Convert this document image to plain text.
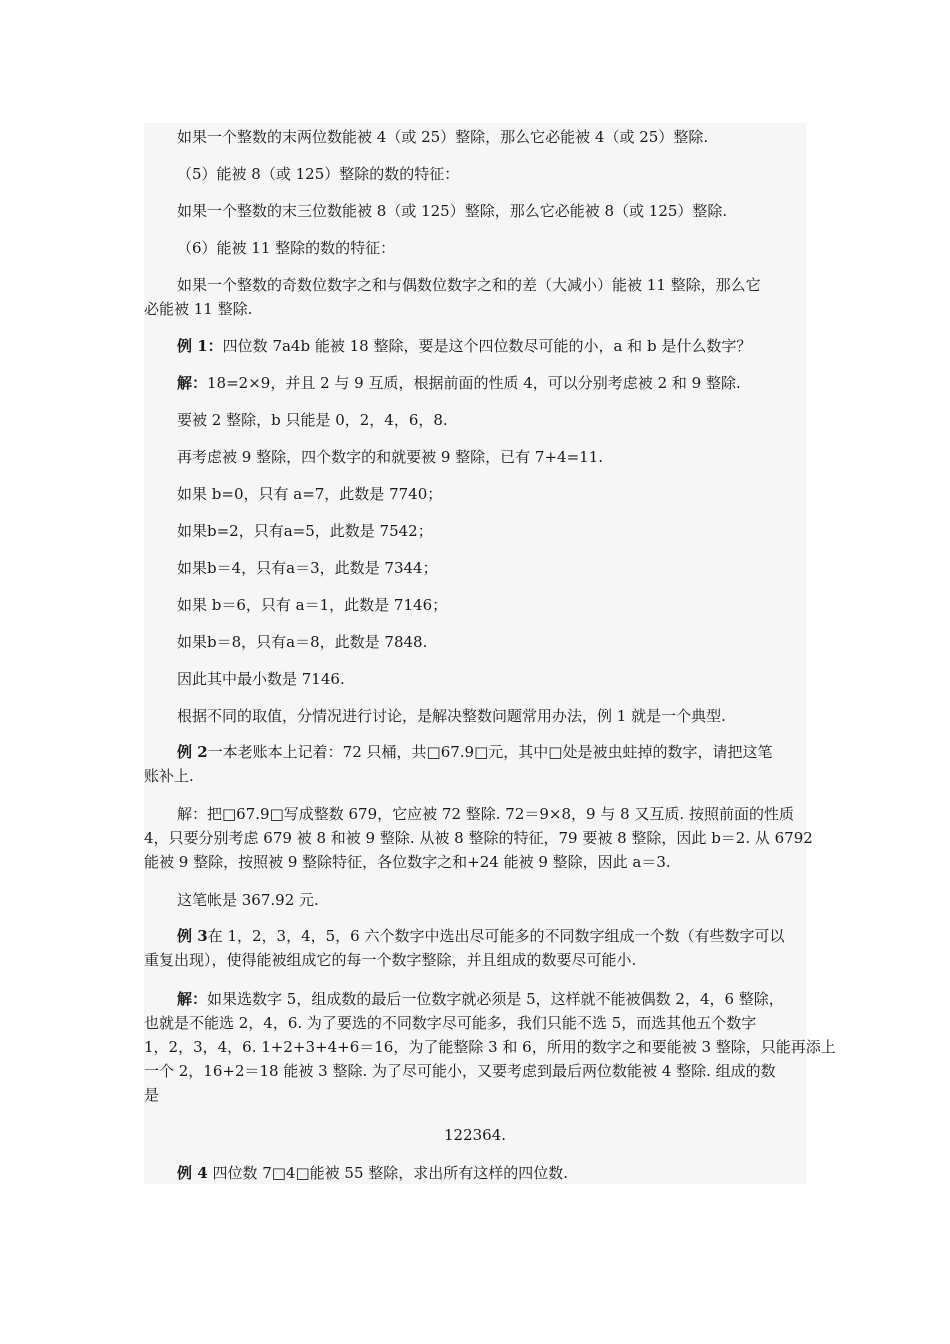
如果一个整数的末两位数能被 4（或 25）整除，那么它必能被 4（或 25）整除.

（5）能被 8（或 125）整除的数的特征：

如果一个整数的末三位数能被 8（或 125）整除，那么它必能被 8（或 125）整除.

（6）能被 11 整除的数的特征：

如果一个整数的奇数位数字之和与偶数位数字之和的差（大减小）能被 11 整除，那么它

必能被 11 整除.

例 1：四位数 7a4b 能被 18 整除，要是这个四位数尽可能的小，a 和 b 是什么数字？

解：18=2×9，并且 2 与 9 互质，根据前面的性质 4，可以分别考虑被 2 和 9 整除.

要被 2 整除，b 只能是 0，2，4，6，8.

再考虑被 9 整除，四个数字的和就要被 9 整除，已有 7+4=11.

如果 b=0，只有 a=7，此数是 7740；

如果b=2，只有a=5，此数是 7542；

如果b＝4，只有a＝3，此数是 7344；

如果 b＝6，只有 a＝1，此数是 7146；

如果b＝8，只有a＝8，此数是 7848.

因此其中最小数是 7146.

根据不同的取值，分情况进行讨论，是解决整数问题常用办法，例 1 就是一个典型.

例 2一本老账本上记着：72 只桶，共□67.9□元，其中□处是被虫蛀掉的数字，请把这笔

账补上.

解：把□67.9□写成整数 679，它应被 72 整除. 72＝9×8，9 与 8 又互质. 按照前面的性质

4，只要分别考虑 679 被 8 和被 9 整除. 从被 8 整除的特征，79 要被 8 整除，因此 b＝2. 从 6792

能被 9 整除，按照被 9 整除特征，各位数字之和+24 能被 9 整除，因此 a＝3.

这笔帐是 367.92 元.

例 3在 1，2，3，4，5，6 六个数字中选出尽可能多的不同数字组成一个数（有些数字可以

重复出现），使得能被组成它的每一个数字整除，并且组成的数要尽可能小.

解：如果选数字 5，组成数的最后一位数字就必须是 5，这样就不能被偶数 2，4，6 整除，

也就是不能选 2，4，6. 为了要选的不同数字尽可能多，我们只能不选 5，而选其他五个数字

1，2，3，4，6. 1+2+3+4+6＝16，为了能整除 3 和 6，所用的数字之和要能被 3 整除，只能再添上

一个 2，16+2＝18 能被 3 整除. 为了尽可能小，又要考虑到最后两位数能被 4 整除. 组成的数

是

122364.

例 4 四位数 7□4□能被 55 整除，求出所有这样的四位数.
